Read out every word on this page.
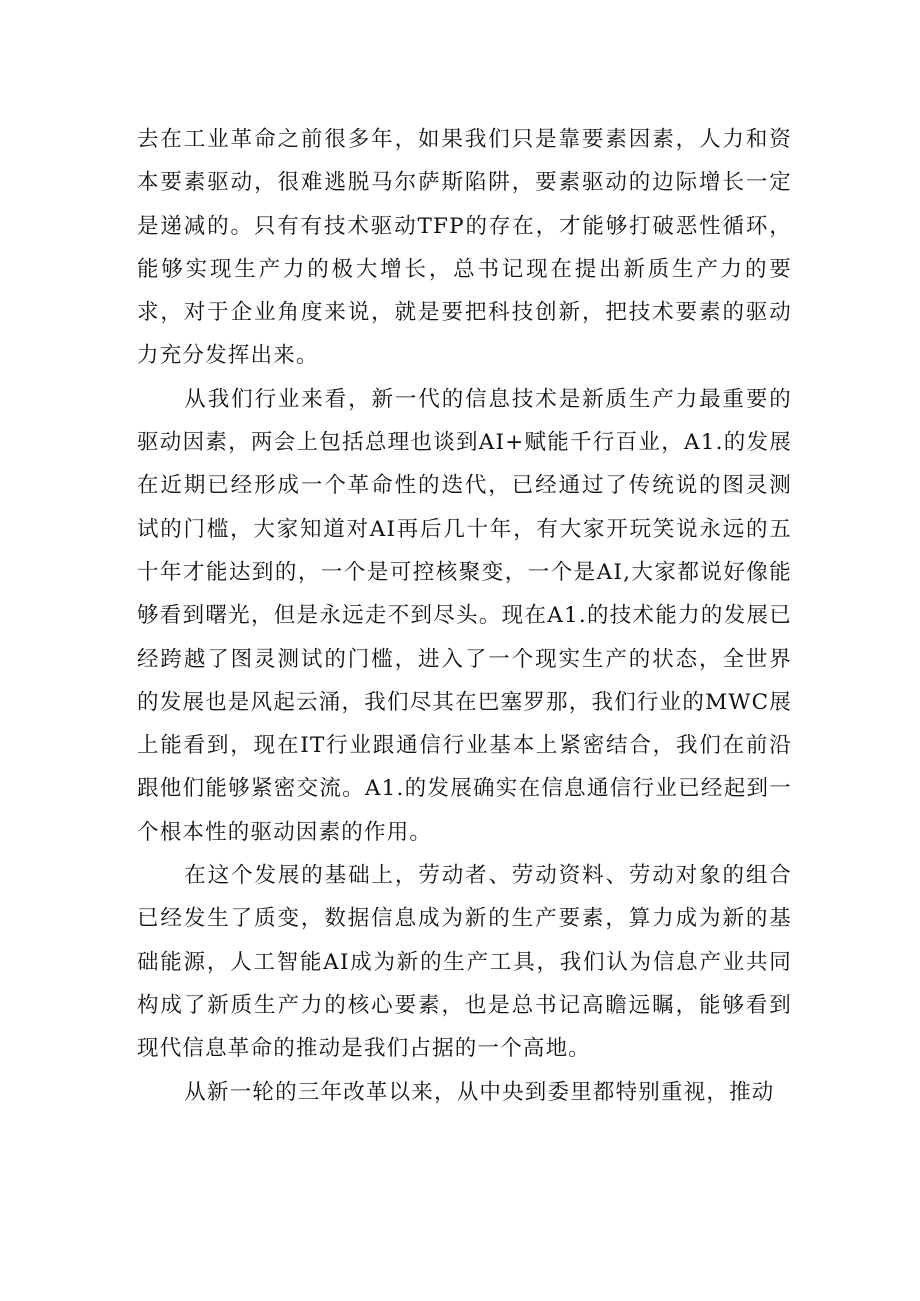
去在工业革命之前很多年，如果我们只是靠要素因素，人力和资本要素驱动，很难逃脱马尔萨斯陷阱，要素驱动的边际增长一定是递减的。只有有技术驱动TFP的存在，才能够打破恶性循环，能够实现生产力的极大增长，总书记现在提出新质生产力的要求，对于企业角度来说，就是要把科技创新，把技术要素的驱动力充分发挥出来。

从我们行业来看，新一代的信息技术是新质生产力最重要的驱动因素，两会上包括总理也谈到AI+赋能千行百业，A1.的发展在近期已经形成一个革命性的迭代，已经通过了传统说的图灵测试的门槛，大家知道对AI再后几十年，有大家开玩笑说永远的五十年才能达到的，一个是可控核聚变，一个是AI,大家都说好像能够看到曙光，但是永远走不到尽头。现在A1.的技术能力的发展已经跨越了图灵测试的门槛，进入了一个现实生产的状态，全世界的发展也是风起云涌，我们尽其在巴塞罗那，我们行业的MWC展上能看到，现在IT行业跟通信行业基本上紧密结合，我们在前沿跟他们能够紧密交流。A1.的发展确实在信息通信行业已经起到一个根本性的驱动因素的作用。

在这个发展的基础上，劳动者、劳动资料、劳动对象的组合已经发生了质变，数据信息成为新的生产要素，算力成为新的基础能源，人工智能AI成为新的生产工具，我们认为信息产业共同构成了新质生产力的核心要素，也是总书记高瞻远瞩，能够看到现代信息革命的推动是我们占据的一个高地。

从新一轮的三年改革以来，从中央到委里都特别重视，推动
